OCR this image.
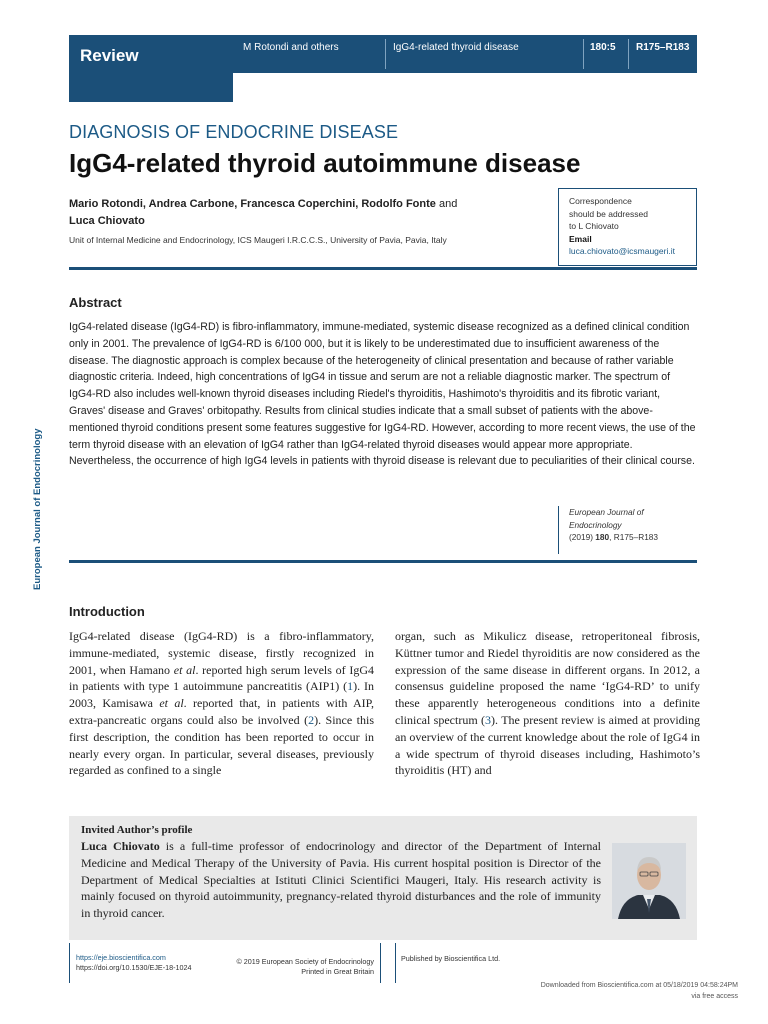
Review	M Rotondi and others	IgG4-related thyroid disease	180:5 R175–R183
DIAGNOSIS OF ENDOCRINE DISEASE
IgG4-related thyroid autoimmune disease
Mario Rotondi, Andrea Carbone, Francesca Coperchini, Rodolfo Fonte and
Luca Chiovato
Unit of Internal Medicine and Endocrinology, ICS Maugeri I.R.C.C.S., University of Pavia, Pavia, Italy
Correspondence
should be addressed
to L Chiovato
Email
luca.chiovato@icsmaugeri.it
Abstract
IgG4-related disease (IgG4-RD) is fibro-inflammatory, immune-mediated, systemic disease recognized as a defined clinical condition only in 2001. The prevalence of IgG4-RD is 6/100 000, but it is likely to be underestimated due to insufficient awareness of the disease. The diagnostic approach is complex because of the heterogeneity of clinical presentation and because of rather variable diagnostic criteria. Indeed, high concentrations of IgG4 in tissue and serum are not a reliable diagnostic marker. The spectrum of IgG4-RD also includes well-known thyroid diseases including Riedel's thyroiditis, Hashimoto's thyroiditis and its fibrotic variant, Graves' disease and Graves' orbitopathy. Results from clinical studies indicate that a small subset of patients with the above-mentioned thyroid conditions present some features suggestive for IgG4-RD. However, according to more recent views, the use of the term thyroid disease with an elevation of IgG4 rather than IgG4-related thyroid diseases would appear more appropriate. Nevertheless, the occurrence of high IgG4 levels in patients with thyroid disease is relevant due to peculiarities of their clinical course.
European Journal of
Endocrinology
(2019) 180, R175–R183
European Journal of Endocrinology
Introduction
IgG4-related disease (IgG4-RD) is a fibro-inflammatory, immune-mediated, systemic disease, firstly recognized in 2001, when Hamano et al. reported high serum levels of IgG4 in patients with type 1 autoimmune pancreatitis (AIP1) (1). In 2003, Kamisawa et al. reported that, in patients with AIP, extra-pancreatic organs could also be involved (2). Since this first description, the condition has been reported to occur in nearly every organ. In particular, several diseases, previously regarded as confined to a single
organ, such as Mikulicz disease, retroperitoneal fibrosis, Küttner tumor and Riedel thyroiditis are now considered as the expression of the same disease in different organs. In 2012, a consensus guideline proposed the name ‘IgG4-RD’ to unify these apparently heterogeneous conditions into a definite clinical spectrum (3). The present review is aimed at providing an overview of the current knowledge about the role of IgG4 in a wide spectrum of thyroid diseases including, Hashimoto’s thyroiditis (HT) and
Invited Author’s profile
Luca Chiovato is a full-time professor of endocrinology and director of the Department of Internal Medicine and Medical Therapy of the University of Pavia. His current hospital position is Director of the Department of Medical Specialties at Istituti Clinici Scientifici Maugeri, Italy. His research activity is mainly focused on thyroid autoimmunity, pregnancy-related thyroid disturbances and the role of immunity in thyroid cancer.
https://eje.bioscientifica.com
https://doi.org/10.1530/EJE-18-1024
© 2019 European Society of Endocrinology
Printed in Great Britain
Published by Bioscientifica Ltd.
Downloaded from Bioscientifica.com at 05/18/2019 04:58:24PM
via free access
